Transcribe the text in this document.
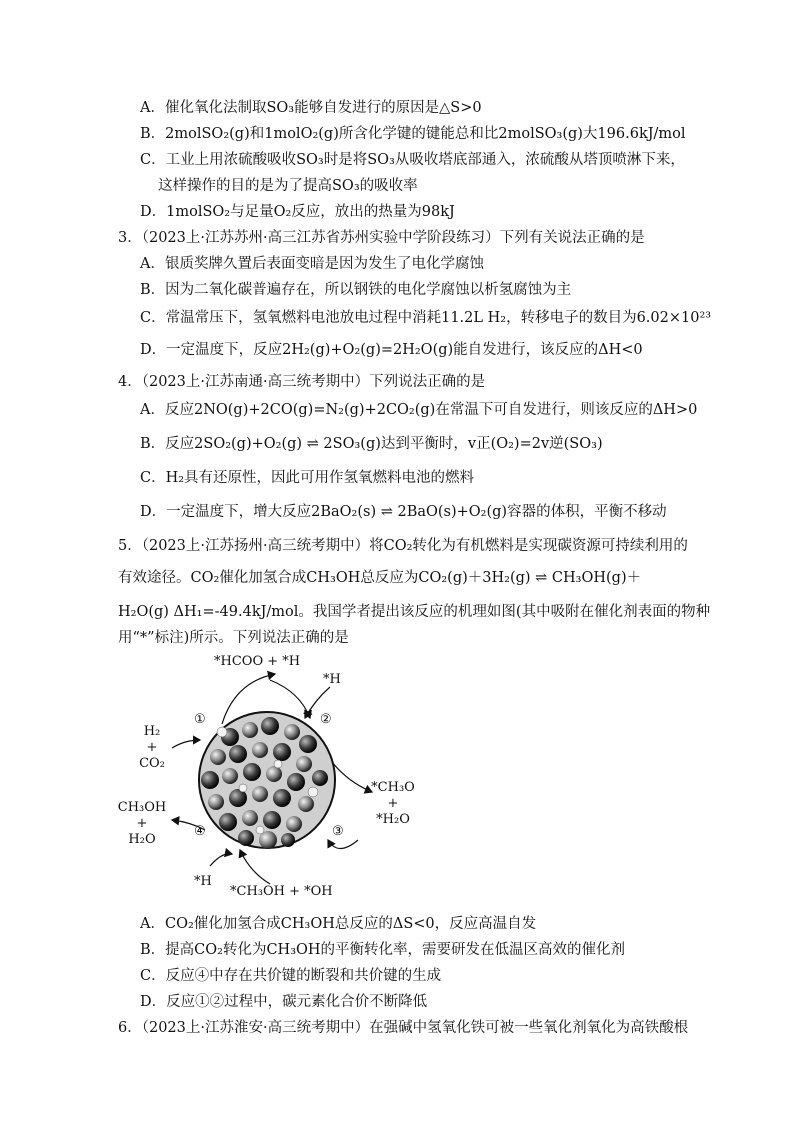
A．催化氧化法制取SO₃能够自发进行的原因是△S>0
B．2molSO₂(g)和1molO₂(g)所含化学键的键能总和比2molSO₃(g)大196.6kJ/mol
C．工业上用浓硫酸吸收SO₃时是将SO₃从吸收塔底部通入，浓硫酸从塔顶喷淋下来，
这样操作的目的是为了提高SO₃的吸收率
D．1molSO₂与足量O₂反应，放出的热量为98kJ
3．（2023上·江苏苏州·高三江苏省苏州实验中学阶段练习）下列有关说法正确的是
A．银质奖牌久置后表面变暗是因为发生了电化学腐蚀
B．因为二氧化碳普遍存在，所以钢铁的电化学腐蚀以析氢腐蚀为主
C．常温常压下，氢氧燃料电池放电过程中消耗11.2L H₂，转移电子的数目为6.02×10²³
D．一定温度下，反应2H₂(g)+O₂(g)=2H₂O(g)能自发进行，该反应的ΔH<0
4．（2023上·江苏南通·高三统考期中）下列说法正确的是
A．反应2NO(g)+2CO(g)=N₂(g)+2CO₂(g)在常温下可自发进行，则该反应的ΔH>0
B．反应2SO₂(g)+O₂(g) ⇌ 2SO₃(g)达到平衡时，v正(O₂)=2v逆(SO₃)
C．H₂具有还原性，因此可用作氢氧燃料电池的燃料
D．一定温度下，增大反应2BaO₂(s) ⇌ 2BaO(s)+O₂(g)容器的体积，平衡不移动
5．（2023上·江苏扬州·高三统考期中）将CO₂转化为有机燃料是实现碳资源可持续利用的
有效途径。CO₂催化加氢合成CH₃OH总反应为CO₂(g)＋3H₂(g) ⇌ CH₃OH(g)＋
H₂O(g) ΔH₁=-49.4kJ/mol。我国学者提出该反应的机理如图(其中吸附在催化剂表面的物种
用“*”标注)所示。下列说法正确的是
*HCOO + *H
*H
①	②
H₂
+
CO₂
*CH₃O
+
*H₂O
CH₃OH
+
H₂O
④	③
*H
*CH₃OH + *OH
A．CO₂催化加氢合成CH₃OH总反应的ΔS<0，反应高温自发
B．提高CO₂转化为CH₃OH的平衡转化率，需要研发在低温区高效的催化剂
C．反应④中存在共价键的断裂和共价键的生成
D．反应①②过程中，碳元素化合价不断降低
6．（2023上·江苏淮安·高三统考期中）在强碱中氢氧化铁可被一些氧化剂氧化为高铁酸根
